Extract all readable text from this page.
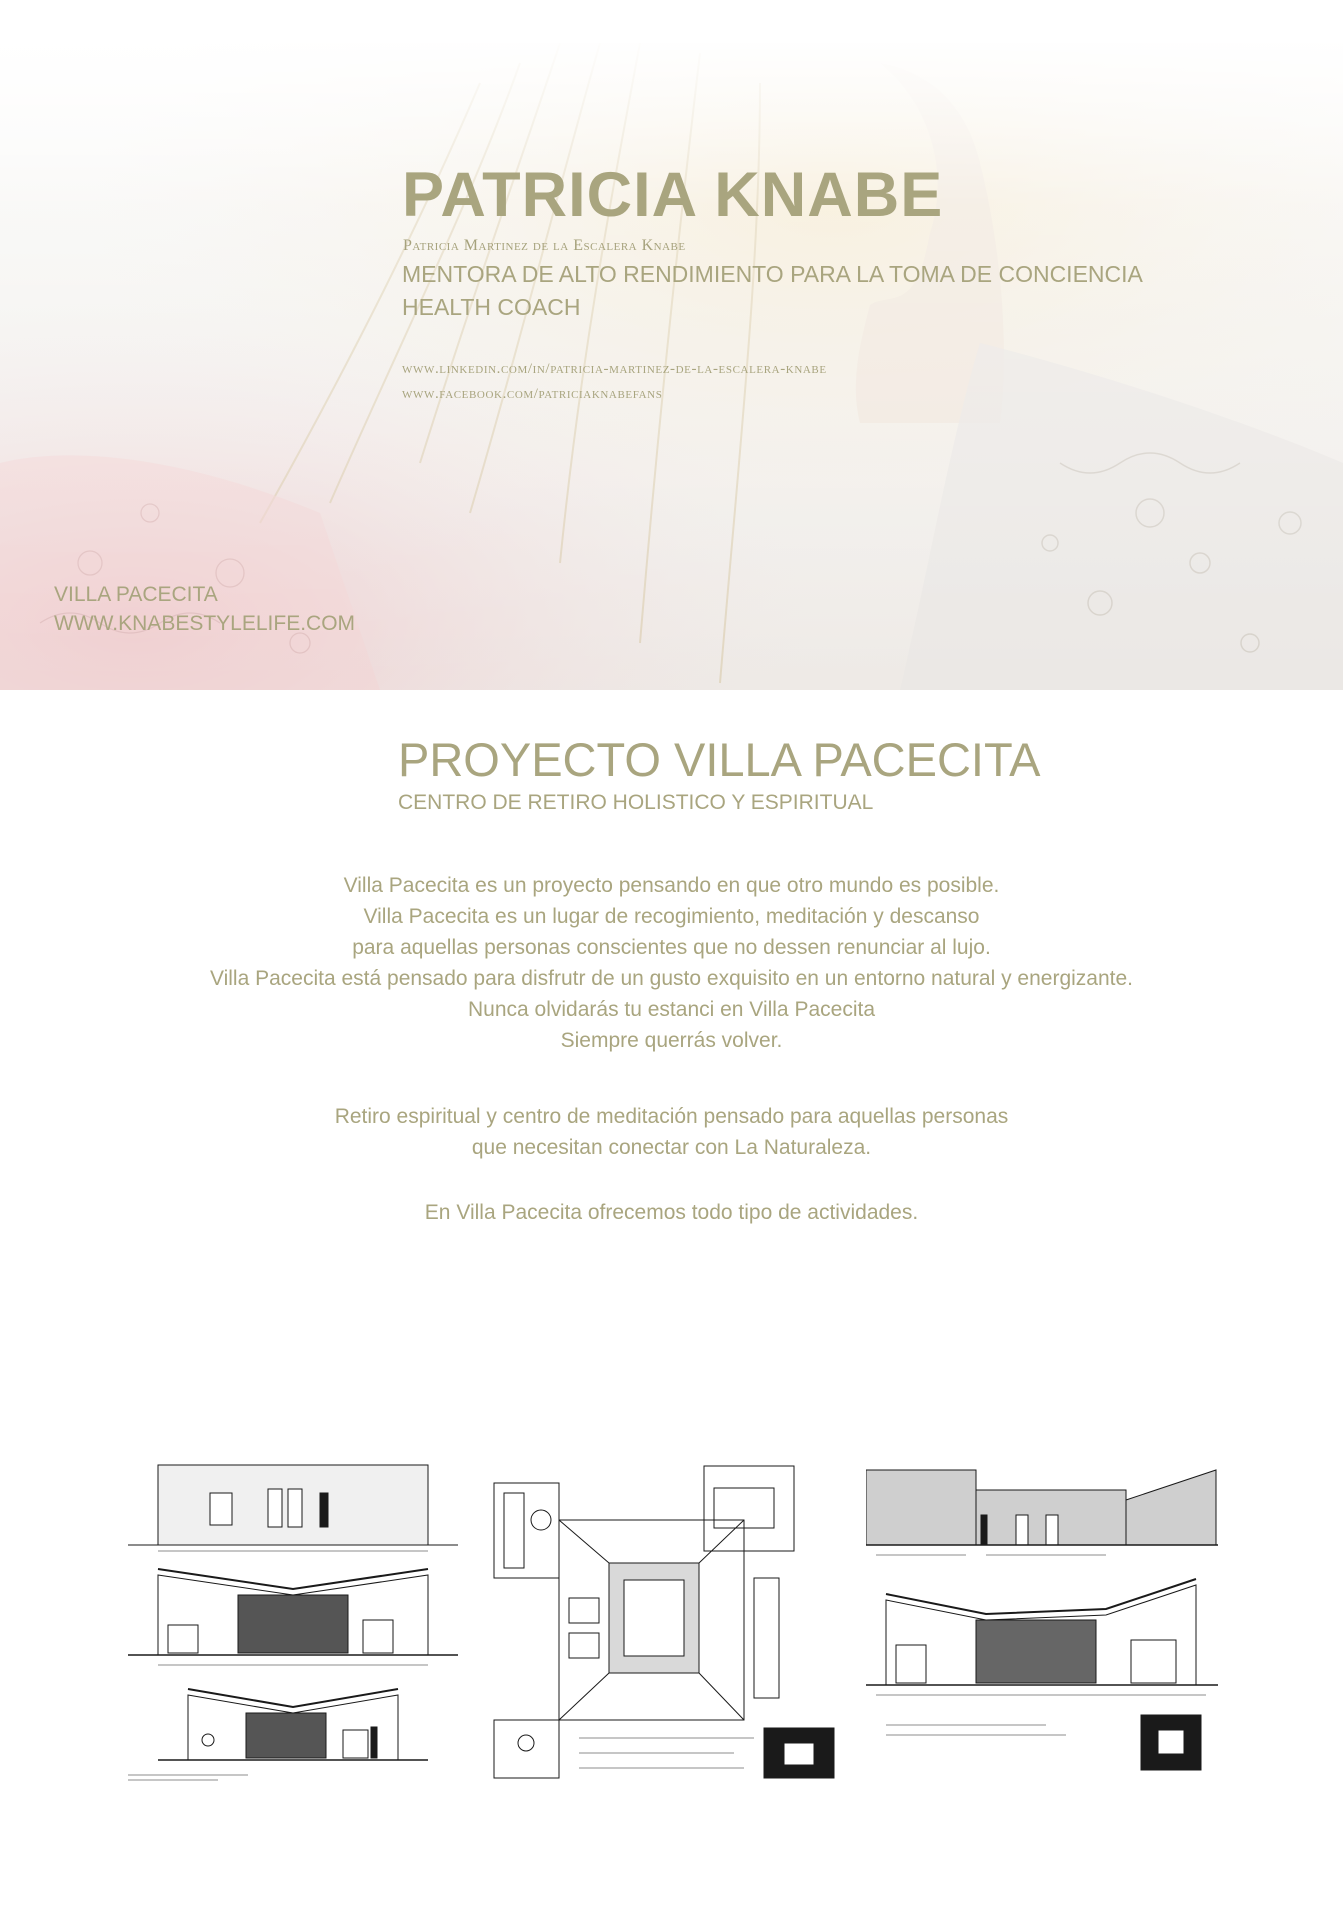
PATRICIA KNABE
Patricia Martinez de la Escalera Knabe
MENTORA DE ALTO RENDIMIENTO PARA LA TOMA DE CONCIENCIA
HEALTH COACH
www.linkedin.com/in/patricia-martinez-de-la-escalera-knabe
www.facebook.com/patriciaknabefans
VILLA PACECITA
WWW.KNABESTYLELIFE.COM
PROYECTO VILLA PACECITA
CENTRO DE RETIRO HOLISTICO Y ESPIRITUAL
Villa Pacecita es un proyecto pensando en que otro mundo es posible.
Villa Pacecita es un lugar de recogimiento, meditación y descanso
para aquellas personas conscientes que no dessen renunciar al lujo.
Villa Pacecita está pensado para disfrutr de un gusto exquisito en un entorno natural y energizante.
Nunca olvidarás tu estanci en Villa Pacecita
Siempre querrás volver.
Retiro espiritual y centro de meditación pensado para aquellas personas
que necesitan conectar con La Naturaleza.
En Villa Pacecita ofrecemos todo tipo de actividades.
